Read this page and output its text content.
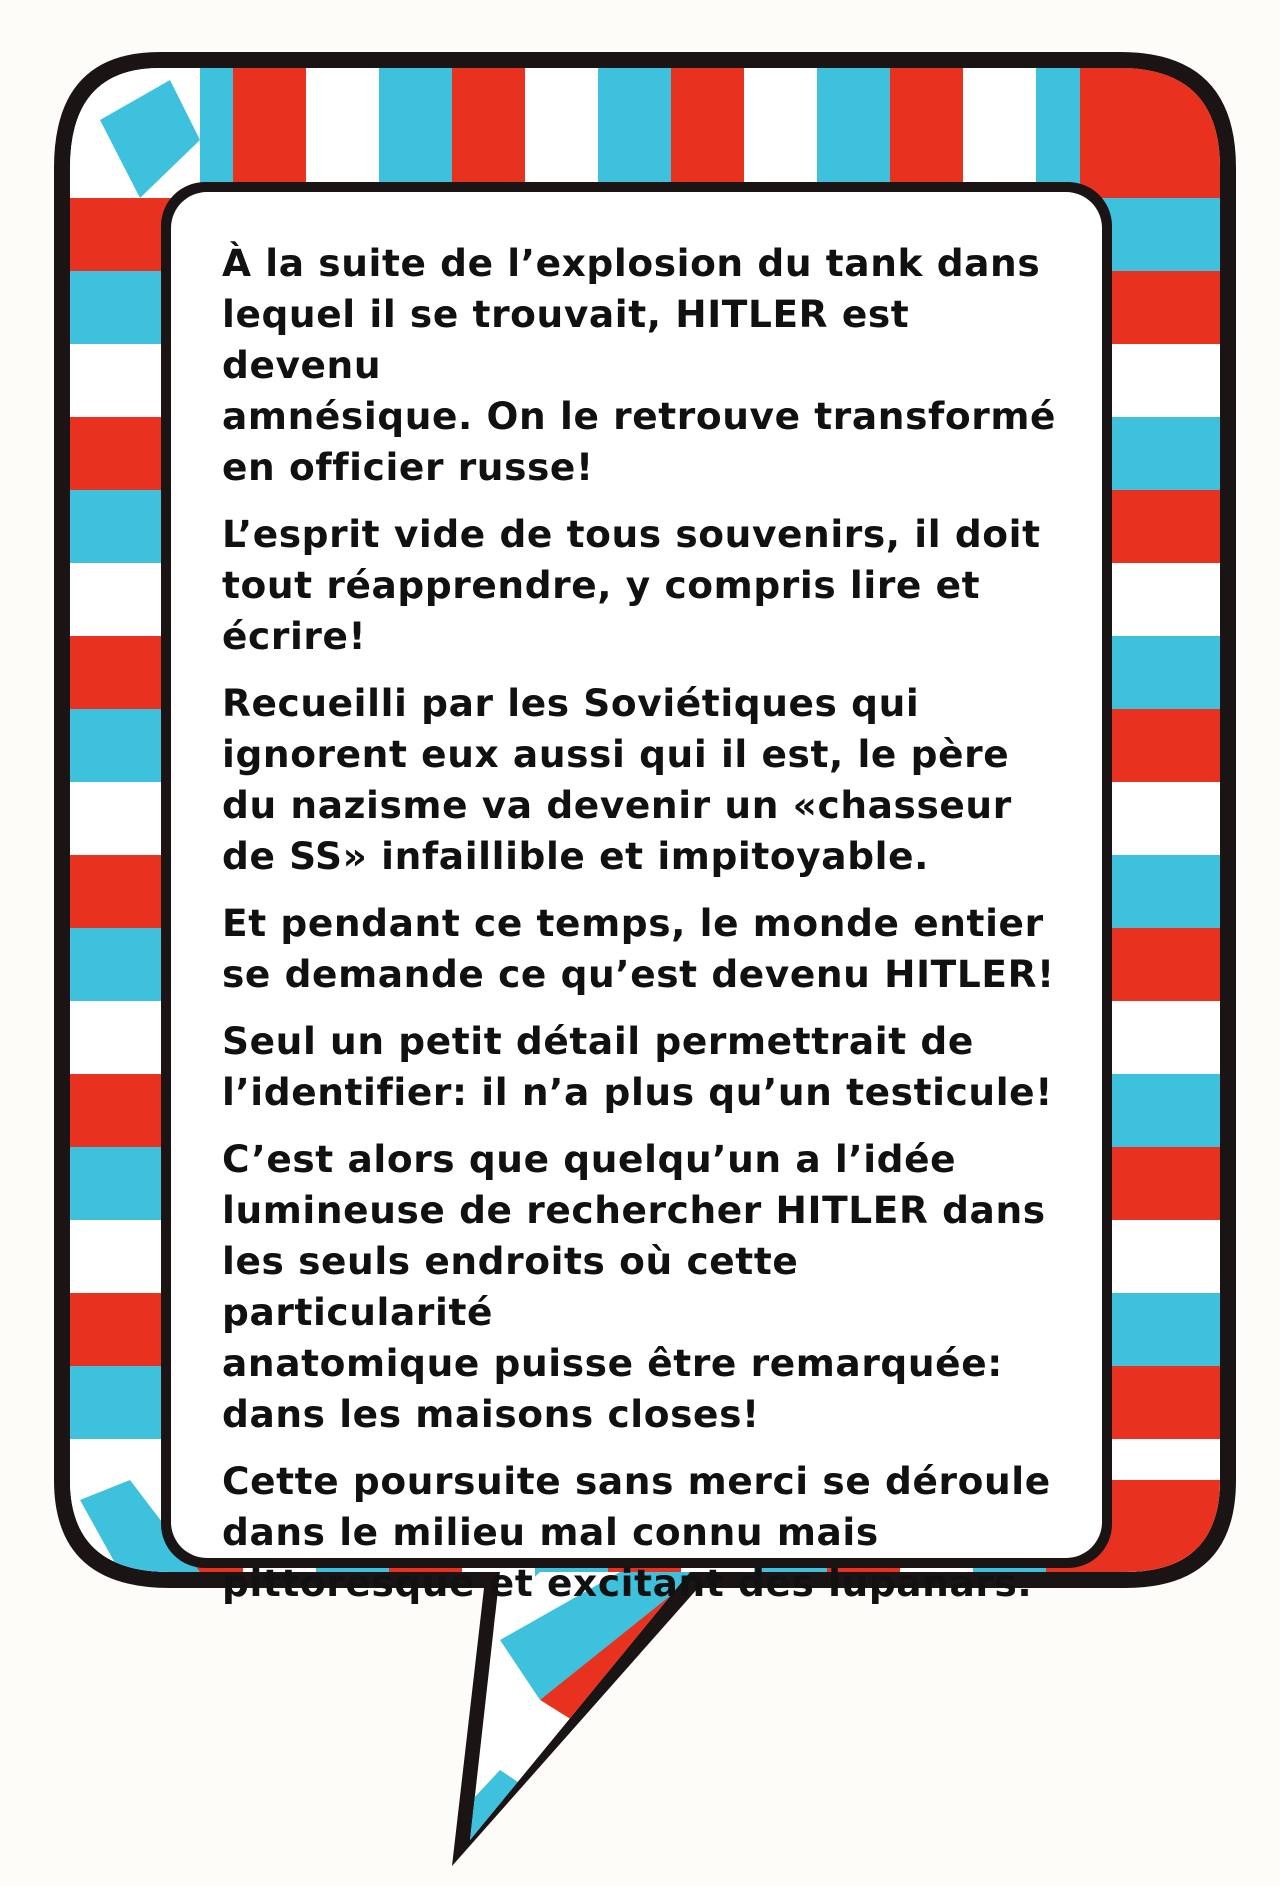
À la suite de l’explosion du tank dans
lequel il se trouvait, HITLER est devenu
amnésique. On le retrouve transformé
en officier russe!

L’esprit vide de tous souvenirs, il doit
tout réapprendre, y compris lire et
écrire!

Recueilli par les Soviétiques qui
ignorent eux aussi qui il est, le père
du nazisme va devenir un «chasseur
de SS» infaillible et impitoyable.

Et pendant ce temps, le monde entier
se demande ce qu’est devenu HITLER!

Seul un petit détail permettrait de
l’identifier: il n’a plus qu’un testicule!

C’est alors que quelqu’un a l’idée
lumineuse de rechercher HITLER dans
les seuls endroits où cette particularité
anatomique puisse être remarquée:
dans les maisons closes!

Cette poursuite sans merci se déroule
dans le milieu mal connu mais
pittoresque et excitant des lupanars.
